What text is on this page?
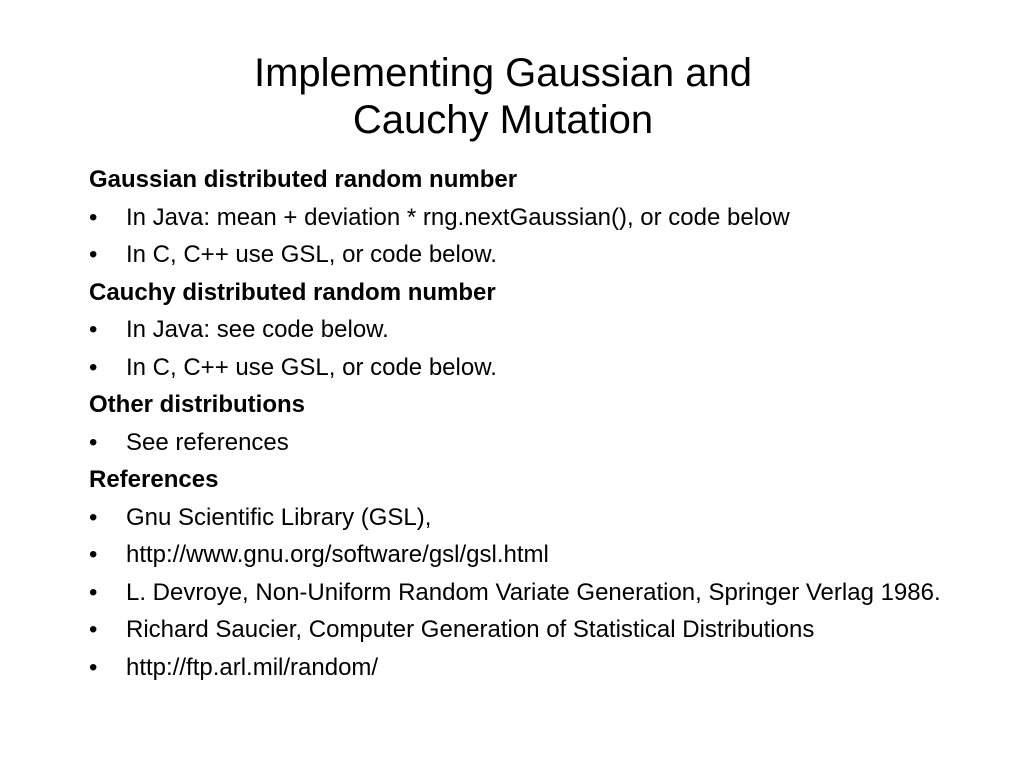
Implementing Gaussian and
Cauchy Mutation
Gaussian distributed random number
•	In Java: mean + deviation * rng.nextGaussian(), or code below
•	In C, C++ use GSL, or code below.
Cauchy distributed random number
•	In Java: see code below.
•	In C, C++ use GSL, or code below.
Other distributions
•	See references
References
•	Gnu Scientific Library (GSL),
•	http://www.gnu.org/software/gsl/gsl.html
•	L. Devroye, Non-Uniform Random Variate Generation, Springer Verlag 1986.
•	Richard Saucier, Computer Generation of Statistical Distributions
•	http://ftp.arl.mil/random/
